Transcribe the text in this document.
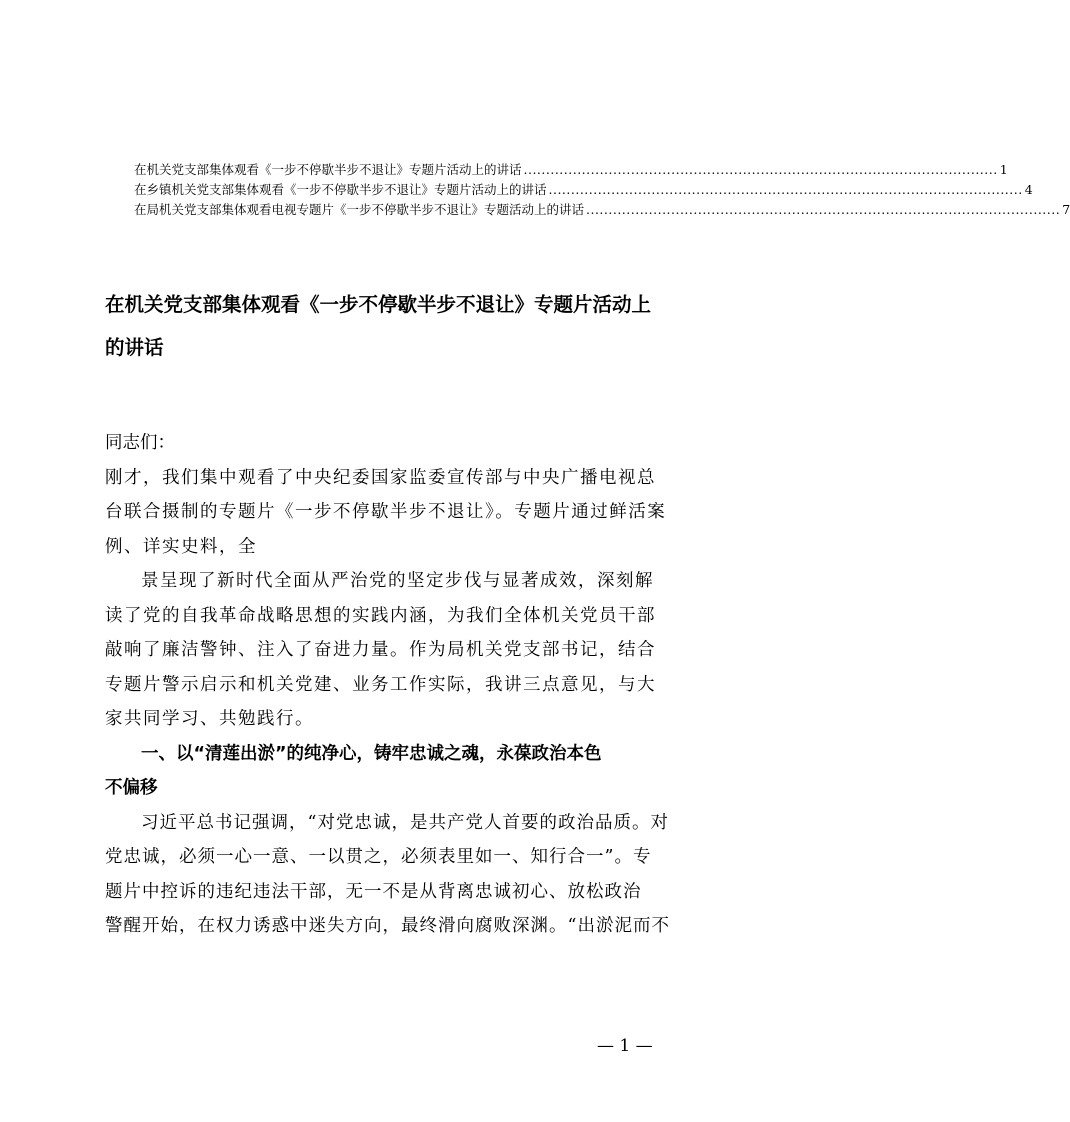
在机关党支部集体观看《一步不停歇半步不退让》专题片活动上的讲话 .......................................................................................................... 1
在乡镇机关党支部集体观看《一步不停歇半步不退让》专题片活动上的讲话 .......................................................................................................... 4
在局机关党支部集体观看电视专题片《一步不停歇半步不退让》专题活动上的讲话 .......................................................................................................... 7
在机关党支部集体观看《一步不停歇半步不退让》专题片活动上
的讲话
同志们：
刚才，我们集中观看了中央纪委国家监委宣传部与中央广播电视总
台联合摄制的专题片《一步不停歇半步不退让》。专题片通过鲜活案
例、详实史料，全
景呈现了新时代全面从严治党的坚定步伐与显著成效，深刻解
读了党的自我革命战略思想的实践内涵，为我们全体机关党员干部
敲响了廉洁警钟、注入了奋进力量。作为局机关党支部书记，结合
专题片警示启示和机关党建、业务工作实际，我讲三点意见，与大
家共同学习、共勉践行。
一、以“清莲出淤”的纯净心，铸牢忠诚之魂，永葆政治本色
不偏移
习近平总书记强调，“对党忠诚，是共产党人首要的政治品质。对
党忠诚，必须一心一意、一以贯之，必须表里如一、知行合一”。专
题片中控诉的违纪违法干部，无一不是从背离忠诚初心、放松政治
警醒开始，在权力诱惑中迷失方向，最终滑向腐败深渊。“出淤泥而不
— 1 —
